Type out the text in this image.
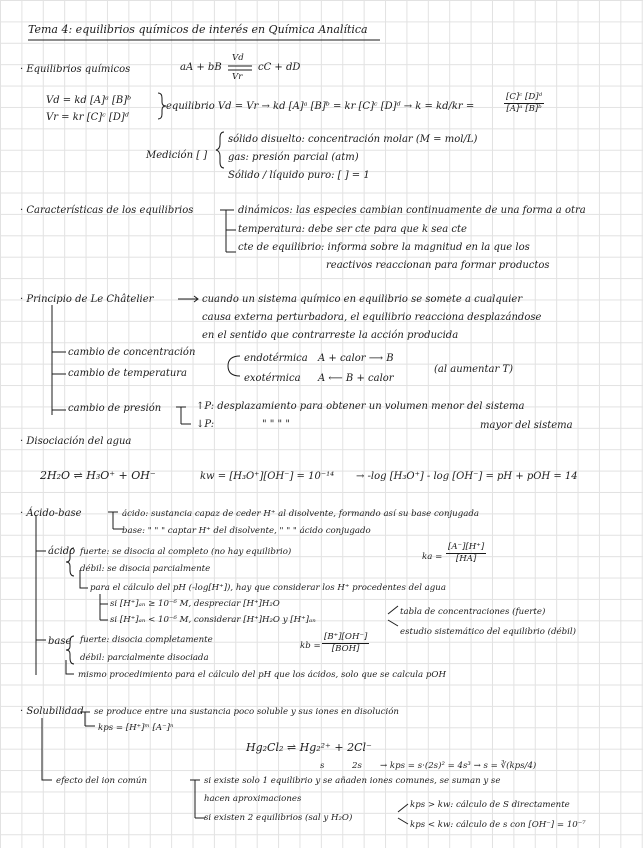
Tema 4: equilibrios químicos de interés en Química Analítica
· Equilibrios químicos	aA + bB
Vd
Vr
cC + dD
Vd = kd [A]ᵃ [B]ᵇ
Vr = kr [C]ᶜ [D]ᵈ
equilibrio Vd = Vr → kd [A]ᵃ [B]ᵇ = kr [C]ᶜ [D]ᵈ → k = kd/kr =	$\frac{\text{[C]ᶜ [D]ᵈ}}{\text{[A]ᵃ [B]ᵇ}}$
Medición [ ]
sólido disuelto: concentración molar (M = mol/L)
gas: presión parcial (atm)
Sólido / líquido puro: [ ] = 1
· Características de los equilibrios	dinámicos: las especies cambian continuamente de una forma a otra
temperatura: debe ser cte para que k sea cte
cte de equilibrio: informa sobre la magnitud en la que los
reactivos reaccionan para formar productos
· Principio de Le Châtelier	cuando un sistema químico en equilibrio se somete a cualquier
causa externa perturbadora, el equilibrio reacciona desplazándose
en el sentido que contrarreste la acción producida
cambio de concentración
cambio de temperatura
endotérmica A + calor ⟶ B
exotérmica A ⟵ B + calor
(al aumentar T)
cambio de presión	↑P: desplazamiento para obtener un volumen menor del sistema
↓P:	" " " "	mayor del sistema
· Disociación del agua
2H₂O ⇌ H₃O⁺ + OH⁻	kw = [H₃O⁺][OH⁻] = 10⁻¹⁴ → -log [H₃O⁺] - log [OH⁻] = pH + pOH = 14
· Ácido-base	ácido: sustancia capaz de ceder H⁺ al disolvente, formando así su base conjugada
base: " " " captar H⁺ del disolvente, " " " ácido conjugado
ácido fuerte: se disocia al completo (no hay equilibrio)
débil: se disocia parcialmente
ka = $\frac{[A^-][H^+]}{[HA]}$
para el cálculo del pH (-log[H⁺]), hay que considerar los H⁺ procedentes del agua
si [H⁺]ₐₙ ≥ 10⁻⁶ M, despreciar [H⁺]H₂O
si [H⁺]ₐₙ < 10⁻⁶ M, considerar [H⁺]H₂O y [H⁺]ₐₙ
tabla de concentraciones (fuerte)
estudio sistemático del equilibrio (débil)
base fuerte: disocia completamente
débil: parcialmente disociada
kb =
[B⁺][OH⁻]
[BOH]
mismo procedimiento para el cálculo del pH que los ácidos, solo que se calcula pOH
· Solubilidad se produce entre una sustancia poco soluble y sus iones en disolución
kps = [H⁺]ᵐ [A⁻]ⁿ
Hg₂Cl₂ ⇌ Hg₂²⁺ + 2Cl⁻
s	2s → kps = s·(2s)² = 4s³ → s = ∛(kps/4)
efecto del ion común	si existe solo 1 equilibrio y se añaden iones comunes, se suman y se
hacen aproximaciones
si existen 2 equilibrios (sal y H₂O)
kps > kw: cálculo de S directamente
kps < kw: cálculo de s con [OH⁻] = 10⁻⁷
